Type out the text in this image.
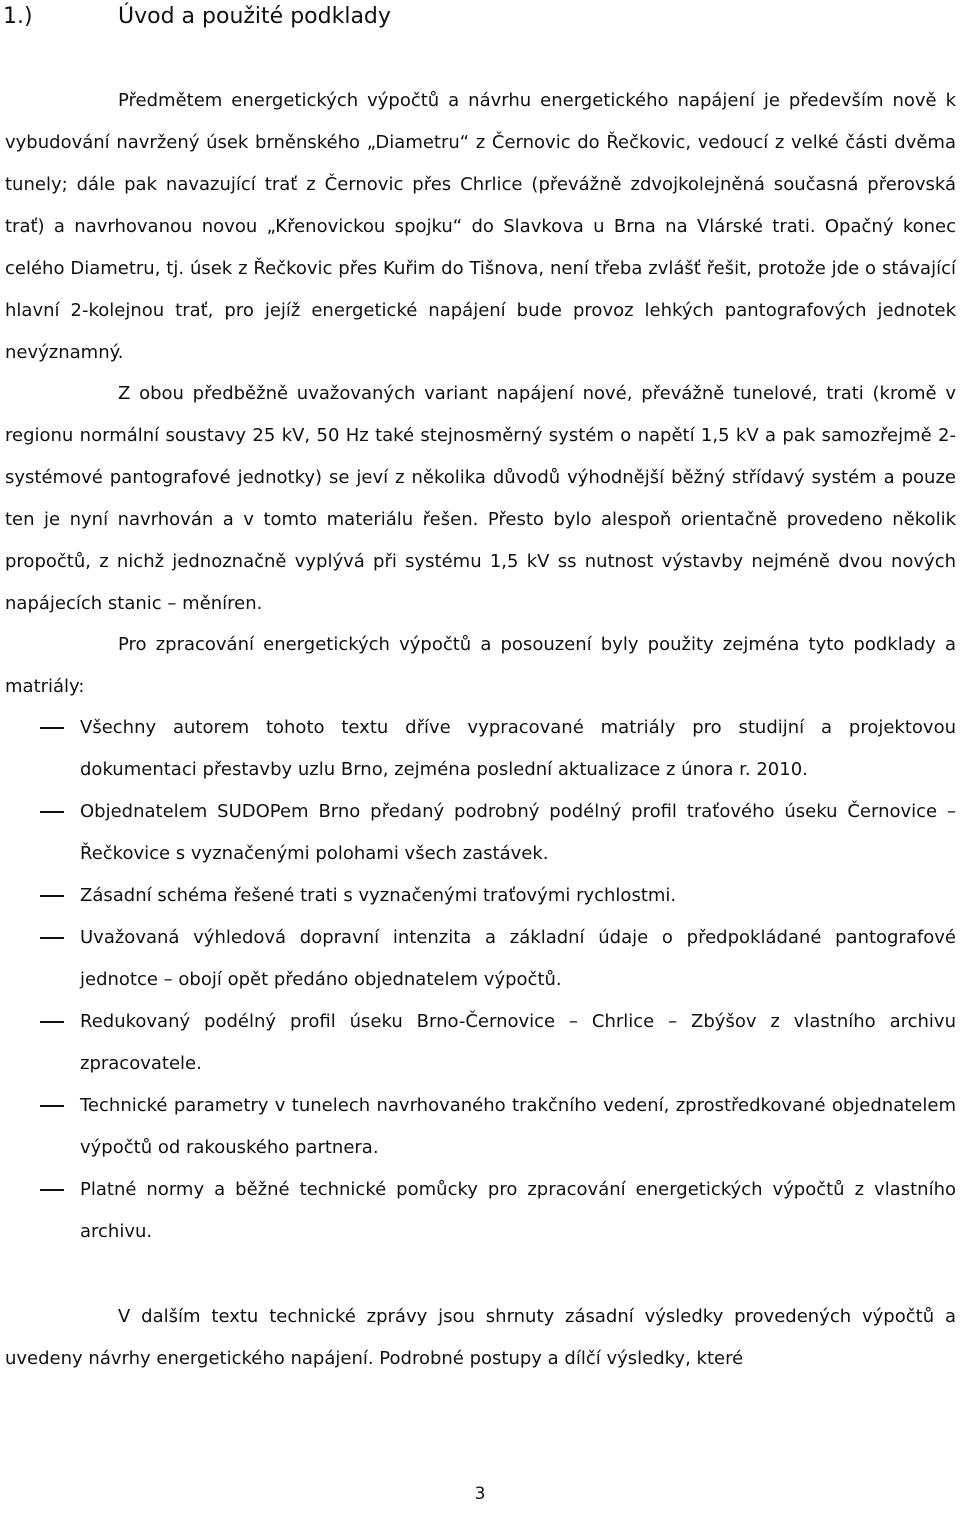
1.)	Úvod a použité podklady

Předmětem energetických výpočtů a návrhu energetického napájení je především nově k vybudování navržený úsek brněnského „Diametru“ z Černovic do Řečkovic, vedoucí z velké části dvěma tunely; dále pak navazující trať z Černovic přes Chrlice (převážně zdvojkolejněná současná přerovská trať) a navrhovanou novou „Křenovickou spojku“ do Slavkova u Brna na Vlárské trati. Opačný konec celého Diametru, tj. úsek z Řečkovic přes Kuřim do Tišnova, není třeba zvlášť řešit, protože jde o stávající hlavní 2-kolejnou trať, pro jejíž energetické napájení bude provoz lehkých pantografových jednotek nevýznamný.

Z obou předběžně uvažovaných variant napájení nové, převážně tunelové, trati (kromě v regionu normální soustavy 25 kV, 50 Hz také stejnosměrný systém o napětí 1,5 kV a pak samozřejmě 2-systémové pantografové jednotky) se jeví z několika důvodů výhodnější běžný střídavý systém a pouze ten je nyní navrhován a v tomto materiálu řešen. Přesto bylo alespoň orientačně provedeno několik propočtů, z nichž jednoznačně vyplývá při systému 1,5 kV ss nutnost výstavby nejméně dvou nových napájecích stanic – měníren.

Pro zpracování energetických výpočtů a posouzení byly použity zejména tyto podklady a matriály:

Všechny autorem tohoto textu dříve vypracované matriály pro studijní a projektovou dokumentaci přestavby uzlu Brno, zejména poslední aktualizace z února r. 2010.
Objednatelem SUDOPem Brno předaný podrobný podélný profil traťového úseku Černovice – Řečkovice s vyznačenými polohami všech zastávek.
Zásadní schéma řešené trati s vyznačenými traťovými rychlostmi.
Uvažovaná výhledová dopravní intenzita a základní údaje o předpokládané pantografové jednotce – obojí opět předáno objednatelem výpočtů.
Redukovaný podélný profil úseku Brno-Černovice – Chrlice – Zbýšov z vlastního archivu zpracovatele.
Technické parametry v tunelech navrhovaného trakčního vedení, zprostředkované objednatelem výpočtů od rakouského partnera.
Platné normy a běžné technické pomůcky pro zpracování energetických výpočtů z vlastního archivu.

V dalším textu technické zprávy jsou shrnuty zásadní výsledky provedených výpočtů a uvedeny návrhy energetického napájení. Podrobné postupy a dílčí výsledky, které

3
